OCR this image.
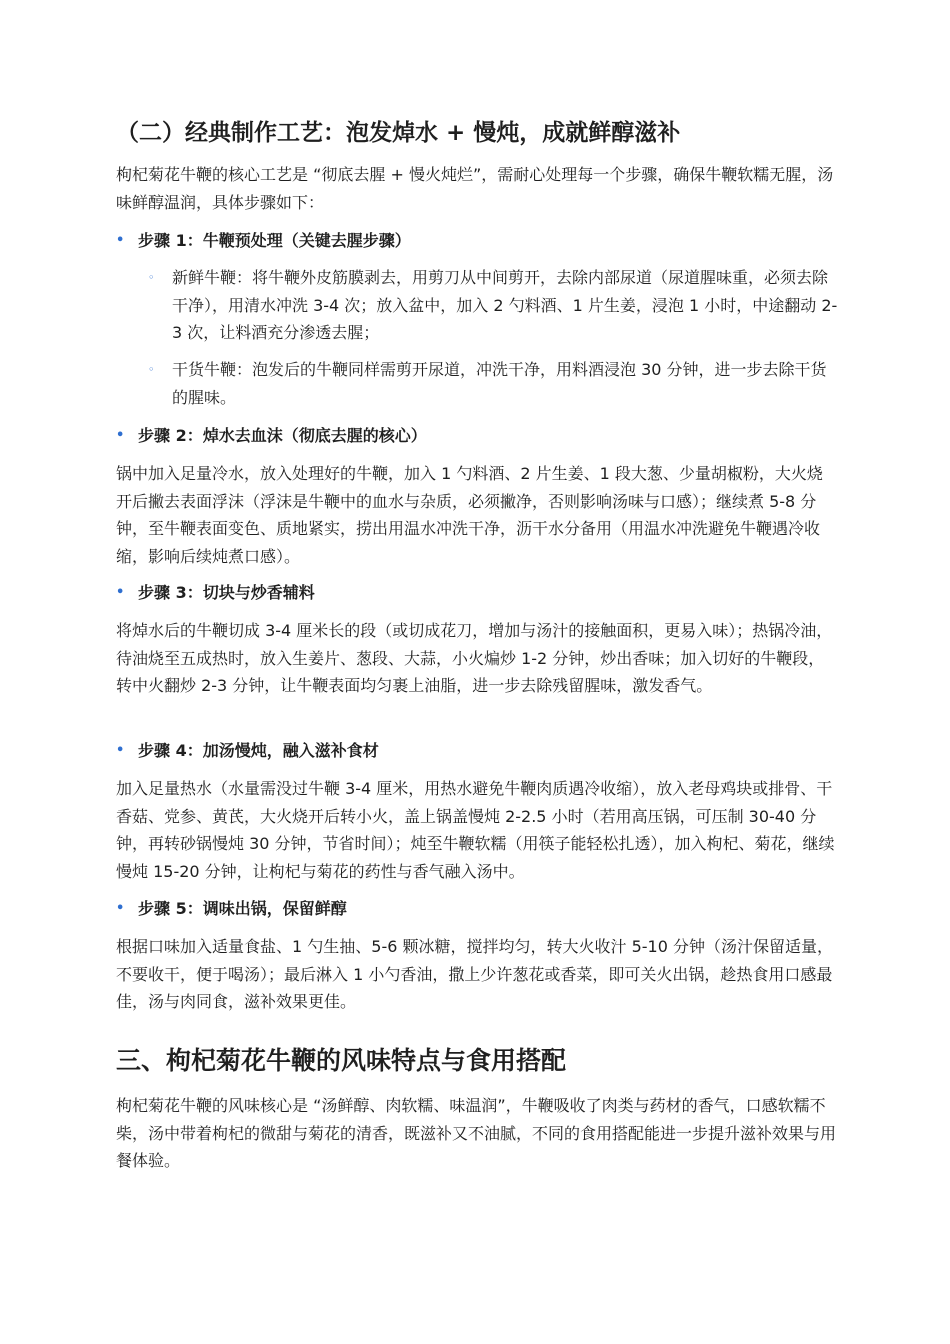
（二）经典制作工艺：泡发焯水 + 慢炖，成就鲜醇滋补

枸杞菊花牛鞭的核心工艺是 “彻底去腥 + 慢火炖烂”，需耐心处理每一个步骤，确保牛鞭软糯无腥，汤味鲜醇温润，具体步骤如下：

• 步骤 1：牛鞭预处理（关键去腥步骤）
◦ 新鲜牛鞭：将牛鞭外皮筋膜剥去，用剪刀从中间剪开，去除内部尿道（尿道腥味重，必须去除干净），用清水冲洗 3-4 次；放入盆中，加入 2 勺料酒、1 片生姜，浸泡 1 小时，中途翻动 2-3 次，让料酒充分渗透去腥；
◦ 干货牛鞭：泡发后的牛鞭同样需剪开尿道，冲洗干净，用料酒浸泡 30 分钟，进一步去除干货的腥味。
• 步骤 2：焯水去血沫（彻底去腥的核心）

锅中加入足量冷水，放入处理好的牛鞭，加入 1 勺料酒、2 片生姜、1 段大葱、少量胡椒粉，大火烧开后撇去表面浮沫（浮沫是牛鞭中的血水与杂质，必须撇净，否则影响汤味与口感）；继续煮 5-8 分钟，至牛鞭表面变色、质地紧实，捞出用温水冲洗干净，沥干水分备用（用温水冲洗避免牛鞭遇冷收缩，影响后续炖煮口感）。

• 步骤 3：切块与炒香辅料

将焯水后的牛鞭切成 3-4 厘米长的段（或切成花刀，增加与汤汁的接触面积，更易入味）；热锅冷油，待油烧至五成热时，放入生姜片、葱段、大蒜，小火煸炒 1-2 分钟，炒出香味；加入切好的牛鞭段，转中火翻炒 2-3 分钟，让牛鞭表面均匀裹上油脂，进一步去除残留腥味，激发香气。

• 步骤 4：加汤慢炖，融入滋补食材

加入足量热水（水量需没过牛鞭 3-4 厘米，用热水避免牛鞭肉质遇冷收缩），放入老母鸡块或排骨、干香菇、党参、黄芪，大火烧开后转小火，盖上锅盖慢炖 2-2.5 小时（若用高压锅，可压制 30-40 分钟，再转砂锅慢炖 30 分钟，节省时间）；炖至牛鞭软糯（用筷子能轻松扎透），加入枸杞、菊花，继续慢炖 15-20 分钟，让枸杞与菊花的药性与香气融入汤中。

• 步骤 5：调味出锅，保留鲜醇

根据口味加入适量食盐、1 勺生抽、5-6 颗冰糖，搅拌均匀，转大火收汁 5-10 分钟（汤汁保留适量，不要收干，便于喝汤）；最后淋入 1 小勺香油，撒上少许葱花或香菜，即可关火出锅，趁热食用口感最佳，汤与肉同食，滋补效果更佳。

三、枸杞菊花牛鞭的风味特点与食用搭配

枸杞菊花牛鞭的风味核心是 “汤鲜醇、肉软糯、味温润”，牛鞭吸收了肉类与药材的香气，口感软糯不柴，汤中带着枸杞的微甜与菊花的清香，既滋补又不油腻，不同的食用搭配能进一步提升滋补效果与用餐体验。
